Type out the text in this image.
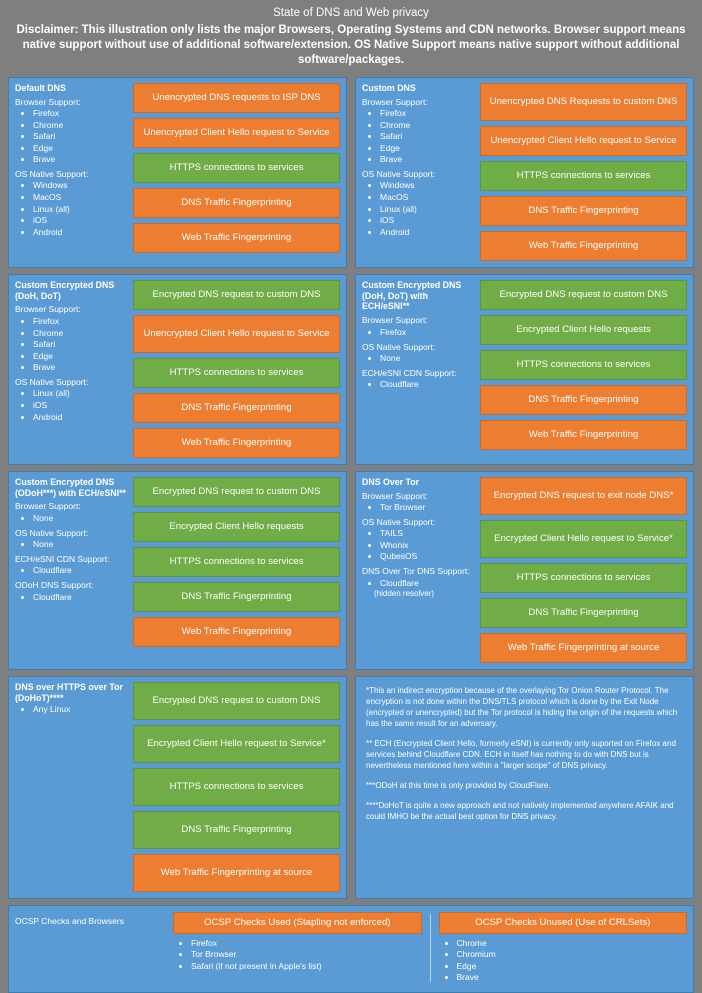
State of DNS and Web privacy
Disclaimer: This illustration only lists the major Browsers, Operating Systems and CDN networks. Browser support means native support without use of additional software/extension. OS Native Support means native support without additional software/packages.
Default DNS
Browser Support:
• Firefox
• Chrome
• Safari
• Edge
• Brave
OS Native Support:
• Windows
• MacOS
• Linux (all)
• iOS
• Android
Unencrypted DNS requests to ISP DNS
Unencrypted Client Hello request to Service
HTTPS connections to services
DNS Traffic Fingerprinting
Web Traffic Fingerprinting
Custom DNS
Browser Support:
• Firefox
• Chrome
• Safari
• Edge
• Brave
OS Native Support:
• Windows
• MacOS
• Linux (all)
• iOS
• Android
Unencrypted DNS Requests to custom DNS
Unencrypted Client Hello request to Service
HTTPS connections to services
DNS Traffic Fingerprinting
Web Traffic Fingerprinting
Custom Encrypted DNS (DoH, DoT)
Browser Support:
• Firefox
• Chrome
• Safari
• Edge
• Brave
OS Native Support:
• Linux (all)
• iOS
• Android
Encrypted DNS request to custom DNS
Unencrypted Client Hello request to Service
HTTPS connections to services
DNS Traffic Fingerprinting
Web Traffic Fingerprinting
Custom Encrypted DNS (DoH, DoT) with ECH/eSNI**
Browser Support:
• Firefox
OS Native Support:
• None
ECH/eSNI CDN Support:
• Cloudflare
Encrypted DNS request to custom DNS
Encrypted Client Hello requests
HTTPS connections to services
DNS Traffic Fingerprinting
Web Traffic Fingerprinting
Custom Encrypted DNS (ODoH***) with ECH/eSNI**
Browser Support:
• None
OS Native Support:
• None
ECH/eSNI CDN Support:
• Cloudflare
ODoH DNS Support:
• Cloudflare
Encrypted DNS request to custom DNS
Encrypted Client Hello requests
HTTPS connections to services
DNS Traffic Fingerprinting
Web Traffic Fingerprinting
DNS Over Tor
Browser Support:
• Tor Browser
OS Native Support:
• TAILS
• Whonix
• QubesOS
DNS Over Tor DNS Support:
• Cloudflare
(hidden resolver)
Encrypted DNS request to exit node DNS*
Encrypted Client Hello request to Service*
HTTPS connections to services
DNS Traffic Fingerprinting
Web Traffic Fingerprinting at source
DNS over HTTPS over Tor (DoHoT)****
• Any Linux
Encrypted DNS request to custom DNS
Encrypted Client Hello request to Service*
HTTPS connections to services
DNS Traffic Fingerprinting
Web Traffic Fingerprinting at source

*This an indirect encryption because of the overlaying Tor Onion Router Protocol. The encryption is not done within the DNS/TLS protocol which is done by the Exit Node (encrypted or unencrypted) but the Tor protocol is hiding the origin of the requests which has the same result for an adversary.

** ECH (Encrypted Client Hello, formerly eSNI) is currently only suported on Firefox and services behind Cloudflare CDN. ECH in itself has nothing to do with DNS but is nevertheless mentioned here within a "larger scope" of DNS privacy.

***ODoH at this time is only provided by CloudFlare.

****DoHoT is quite a new approach and not natively implemented anywhere AFAIK and could IMHO be the actual best option for DNS privacy.

OCSP Checks and Browsers	OCSP Checks Used (Stapling not enforced)
• Firefox
• Tor Browser
• Safari (if not present in Apple's list)
OCSP Checks Unused (Use of CRLSets)
• Chrome
• Chromium
• Edge
• Brave
